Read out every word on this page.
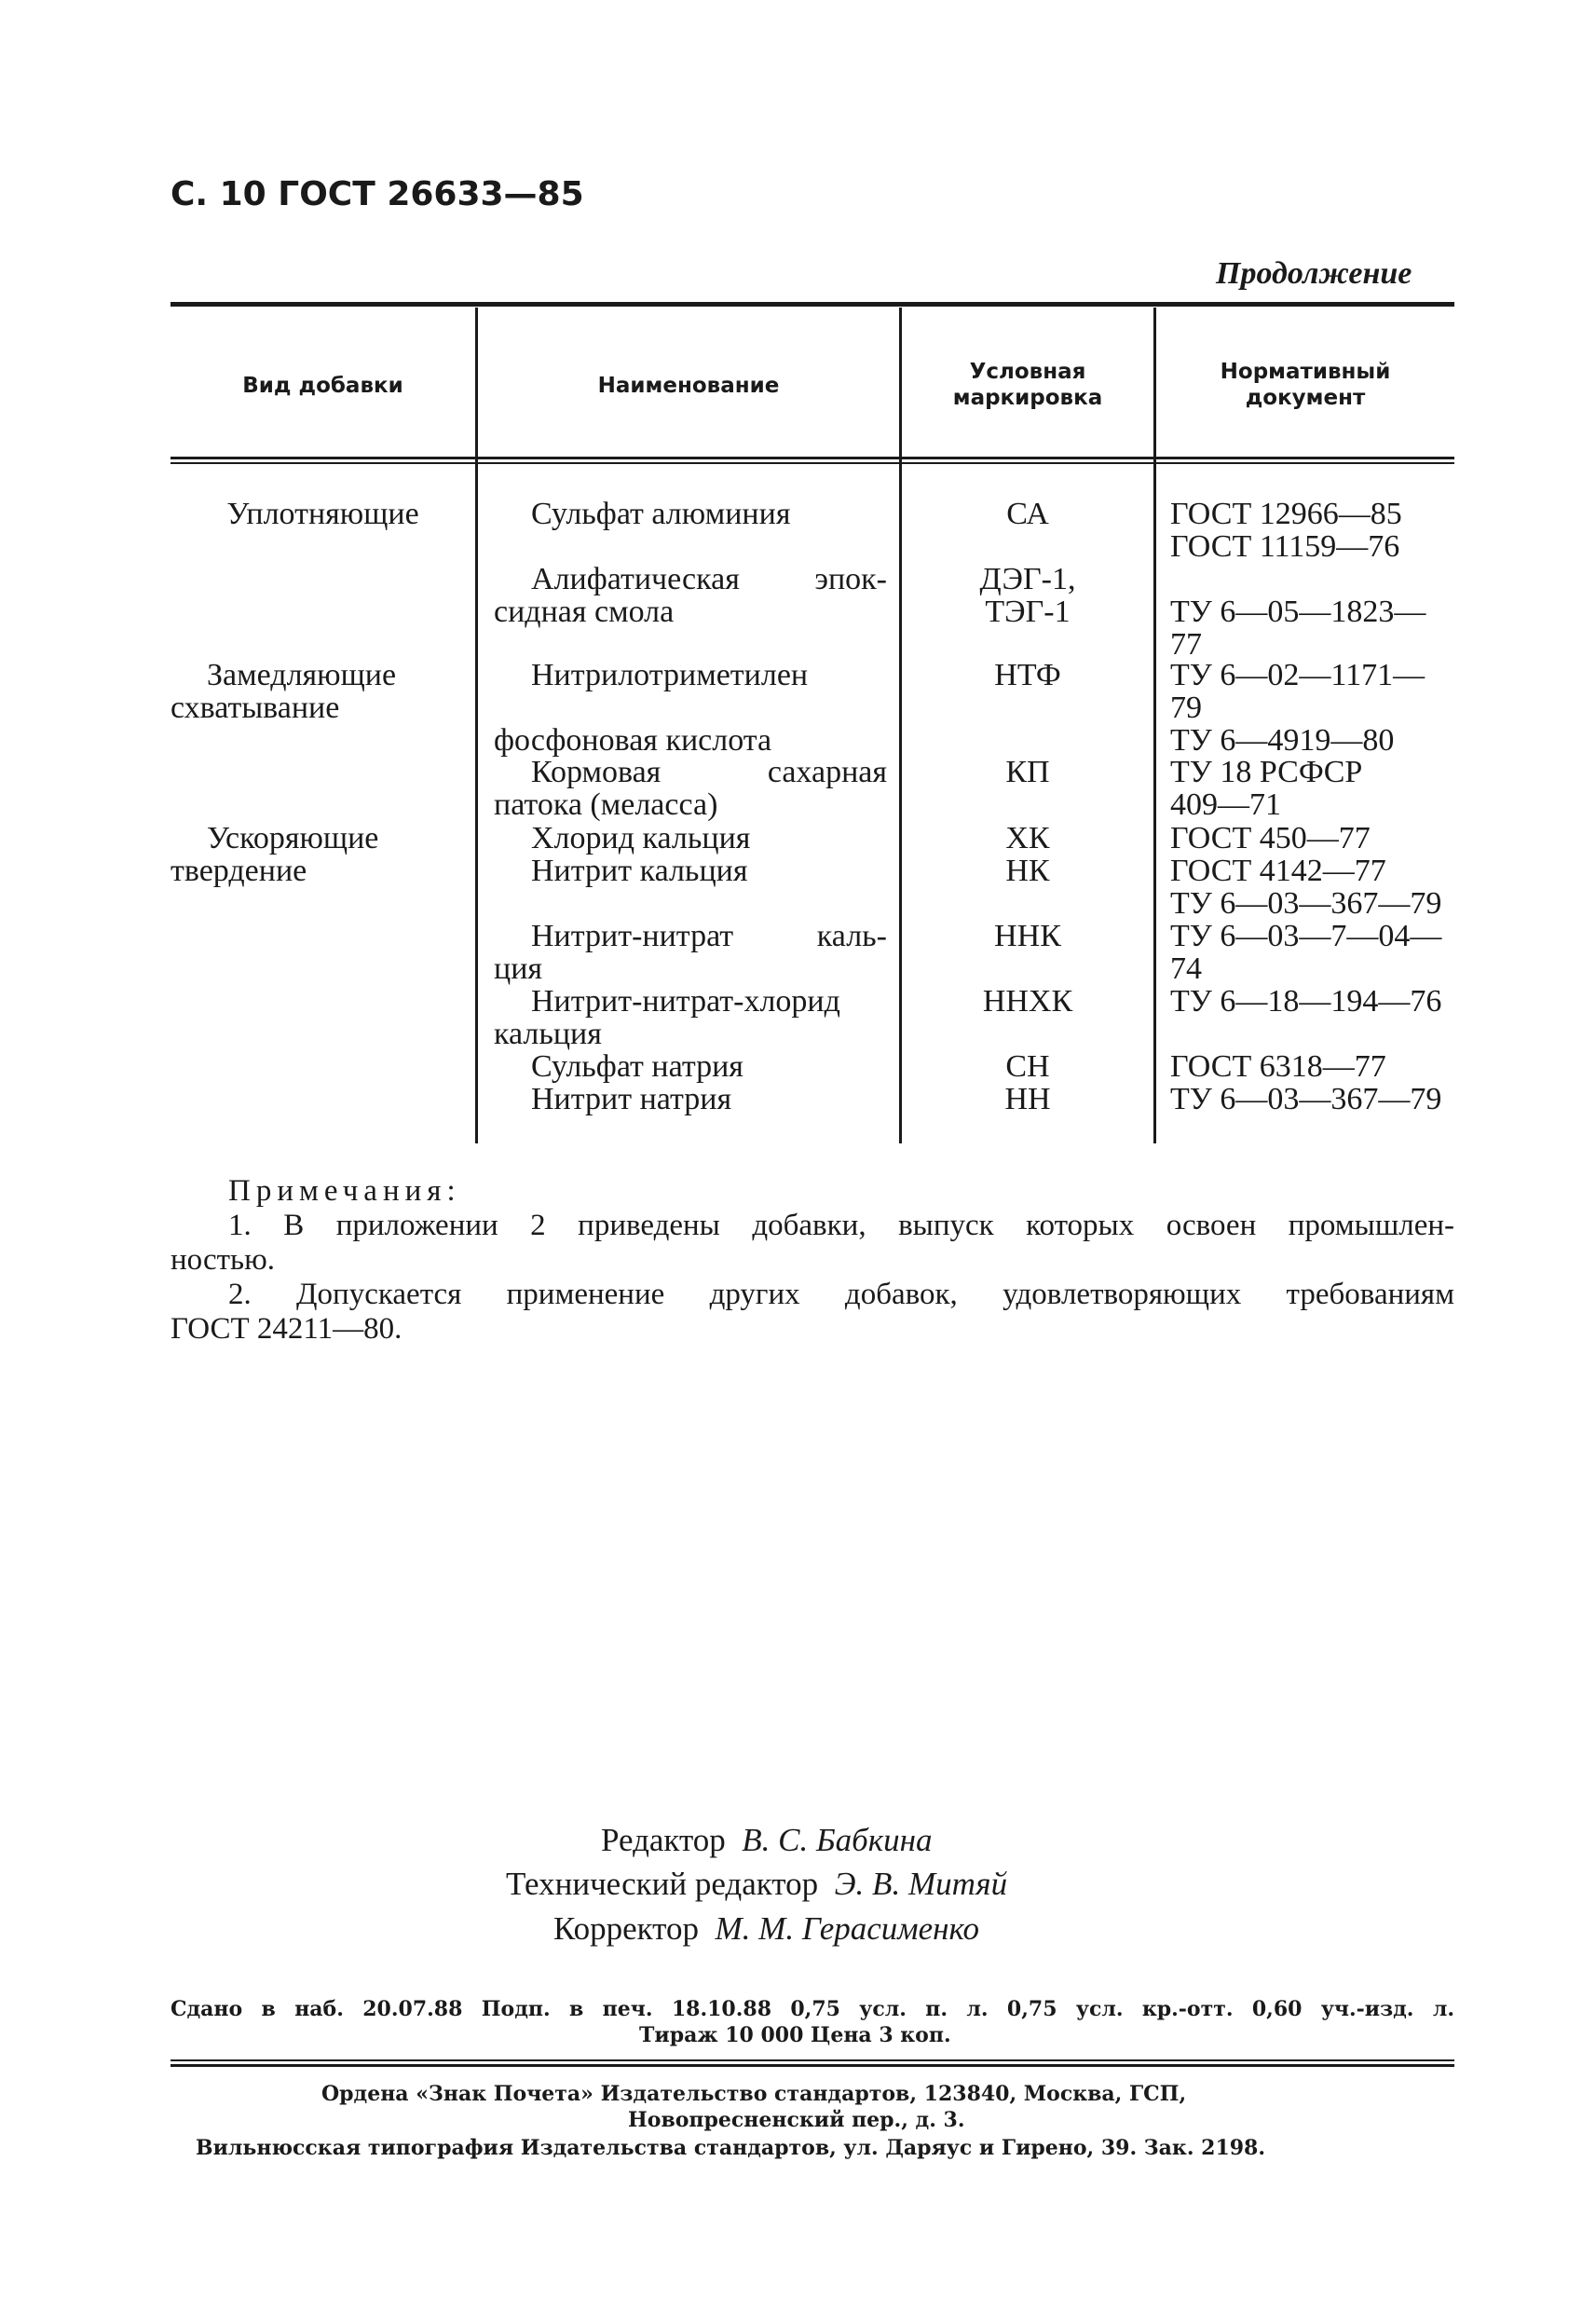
С. 10 ГОСТ 26633—85
Продолжение
Вид добавки	Наименование
Условная
маркировка
Нормативный
документ
Уплотняющие
Замедляющие
схватывание
Ускоряющие
твердение
Сульфат алюминия
Алифатическая эпок-
сидная смола
Нитрилотриметилен
фосфоновая кислота
Кормовая сахарная
патока (меласса)
Хлорид кальция
Нитрит кальция
Нитрит-нитрат каль-
ция
Нитрит-нитрат-хлорид
кальция
Сульфат натрия
Нитрит натрия
СА
ДЭГ-1,
ТЭГ-1
НТФ
КП
ХК
НК
ННК
ННХК
СН
НН
ГОСТ 12966—85
ГОСТ 11159—76
ТУ 6—05—1823—
77
ТУ 6—02—1171—
79
ТУ 6—4919—80
ТУ 18 РСФСР
409—71
ГОСТ 450—77
ГОСТ 4142—77
ТУ 6—03—367—79
ТУ 6—03—7—04—
74
ТУ 6—18—194—76
ГОСТ 6318—77
ТУ 6—03—367—79
Примечания:
1. В приложении 2 приведены добавки, выпуск которых освоен промышлен-
ностью.
2. Допускается применение других добавок, удовлетворяющих требованиям
ГОСТ 24211—80.
Редактор В. С. Бабкина
Технический редактор Э. В. Митяй
Корректор М. М. Герасименко
Сдано в наб. 20.07.88 Подп. в печ. 18.10.88 0,75 усл. п. л. 0,75 усл. кр.-отт. 0,60 уч.-изд. л.
Тираж 10 000 Цена 3 коп.
Ордена «Знак Почета» Издательство стандартов, 123840, Москва, ГСП,
Новопресненский пер., д. 3.
Вильнюсская типография Издательства стандартов, ул. Даряус и Гирено, 39. Зак. 2198.
